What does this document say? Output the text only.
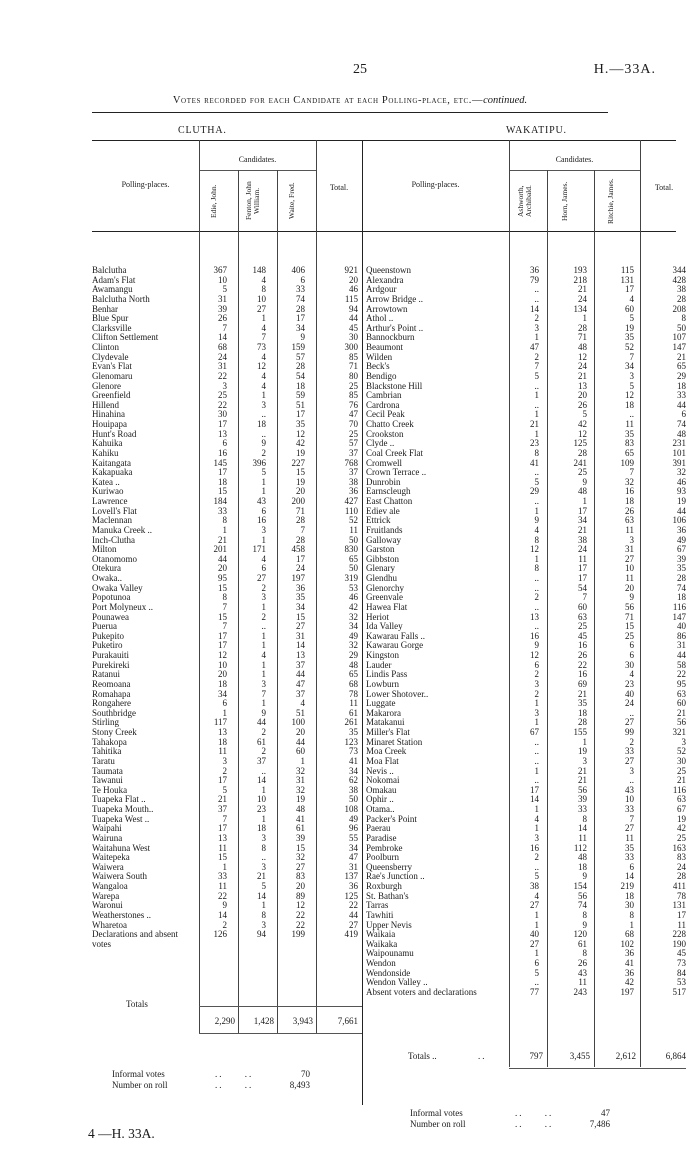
25	H.—33A.
Votes recorded for each Candidate at each Polling-place, etc.—continued.
CLUTHA.	WAKATIPU.
Polling-places.
Candidates.
Edie, John.	Fenton, John William.	Waite, Fred.	Total.	Polling-places.
Candidates.
Ashworth, Archibald.	Horn, James.	Ritchie, James.	Total.
Balclutha	367	148	406	921
Adam's Flat	10	4	6	20
Awamangu	5	8	33	46
Balclutha North	31	10	74	115
Benhar	39	27	28	94
Blue Spur	26	1	17	44
Clarksville	7	4	34	45
Clifton Settlement	14	7	9	30
Clinton	68	73	159	300
Clydevale	24	4	57	85
Evan's Flat	31	12	28	71
Glenomaru	22	4	54	80
Glenore	3	4	18	25
Greenfield	25	1	59	85
Hillend	22	3	51	76
Hinahina	30	..	17	47
Houipapa	17	18	35	70
Hunt's Road	13	..	12	25
Kahuika	6	9	42	57
Kahiku	16	2	19	37
Kaitangata	145	396	227	768
Kakapuaka	17	5	15	37
Katea ..	18	1	19	38
Kuriwao	15	1	20	36
Lawrence	184	43	200	427
Lovell's Flat	33	6	71	110
Maclennan	8	16	28	52
Manuka Creek ..	1	3	7	11
Inch-Clutha	21	1	28	50
Milton	201	171	458	830
Otanomomo	44	4	17	65
Otekura	20	6	24	50
Owaka..	95	27	197	319
Owaka Valley	15	2	36	53
Popotunoa	8	3	35	46
Port Molyneux ..	7	1	34	42
Pounawea	15	2	15	32
Puerua	7	..	27	34
Pukepito	17	1	31	49
Puketiro	17	1	14	32
Purakauiti	12	4	13	29
Purekireki	10	1	37	48
Ratanui	20	1	44	65
Reomoana	18	3	47	68
Romahapa	34	7	37	78
Rongahere	6	1	4	11
Southbridge	1	9	51	61
Stirling	117	44	100	261
Stony Creek	13	2	20	35
Tahakopa	18	61	44	123
Tahitika	11	2	60	73
Taratu	3	37	1	41
Taumata	2	..	32	34
Tawanui	17	14	31	62
Te Houka	5	1	32	38
Tuapeka Flat ..	21	10	19	50
Tuapeka Mouth..	37	23	48	108
Tuapeka West ..	7	1	41	49
Waipahi	17	18	61	96
Wairuna	13	3	39	55
Waitahuna West	11	8	15	34
Waitepeka	15	..	32	47
Waiwera	1	3	27	31
Waiwera South	33	21	83	137
Wangaloa	11	5	20	36
Warepa	22	14	89	125
Waronui	9	1	12	22
Weatherstones ..	14	8	22	44
Wharetoa	2	3	22	27
Declarations and absent	126	94	199	419
votes
Queenstown	36	193	115	344
Alexandra	79	218	131	428
Ardgour	..	21	17	38
Arrow Bridge ..	..	24	4	28
Arrowtown	14	134	60	208
Athol ..	2	1	5	8
Arthur's Point ..	3	28	19	50
Bannockburn	1	71	35	107
Beaumont	47	48	52	147
Wilden	2	12	7	21
Beck's	7	24	34	65
Bendigo	5	21	3	29
Blackstone Hill	..	13	5	18
Cambrian	1	20	12	33
Cardrona	..	26	18	44
Cecil Peak	1	5	..	6
Chatto Creek	21	42	11	74
Crookston	1	12	35	48
Clyde ..	23	125	83	231
Coal Creek Flat	8	28	65	101
Cromwell	41	241	109	391
Crown Terrace ..	..	25	7	32
Dunrobin	5	9	32	46
Earnscleugh	29	48	16	93
East Chatton	..	1	18	19
Ediev ale	1	17	26	44
Ettrick	9	34	63	106
Fruitlands	4	21	11	36
Galloway	8	38	3	49
Garston	12	24	31	67
Gibbston	1	11	27	39
Glenary	8	17	10	35
Glendhu	..	17	11	28
Glenorchy	..	54	20	74
Greenvale	2	7	9	18
Hawea Flat	..	60	56	116
Heriot	13	63	71	147
Ida Valley	..	25	15	40
Kawarau Falls ..	16	45	25	86
Kawarau Gorge	9	16	6	31
Kingston	12	26	6	44
Lauder	6	22	30	58
Lindis Pass	2	16	4	22
Lowburn	3	69	23	95
Lower Shotover..	2	21	40	63
Luggate	1	35	24	60
Makarora	3	18	..	21
Matakanui	1	28	27	56
Miller's Flat	67	155	99	321
Minaret Station	..	1	2	3
Moa Creek	..	19	33	52
Moa Flat	..	3	27	30
Nevis ..	1	21	3	25
Nokomai	..	21	..	21
Omakau	17	56	43	116
Ophir ..	14	39	10	63
Otama..	1	33	33	67
Packer's Point	4	8	7	19
Paerau	1	14	27	42
Paradise	3	11	11	25
Pembroke	16	112	35	163
Poolburn	2	48	33	83
Queensberry	..	18	6	24
Rae's Junction ..	5	9	14	28
Roxburgh	38	154	219	411
St. Bathan's	4	56	18	78
Tarras	27	74	30	131
Tawhiti	1	8	8	17
Upper Nevis	1	9	1	11
Waikaia	40	120	68	228
Waikaka	27	61	102	190
Waipounamu	1	8	36	45
Wendon	6	26	41	73
Wendonside	5	43	36	84
Wendon Valley ..	..	11	42	53
Absent voters and declarations	77	243	197	517
Totals
2,290	1,428	3,943	7,661
Informal votes	..     ..	70
Number on roll	..     ..	8,493
Totals ..	..	797	3,455	2,612	6,864
Informal votes	..     ..	47
Number on roll	..     ..	7,486
4 —H. 33A.
